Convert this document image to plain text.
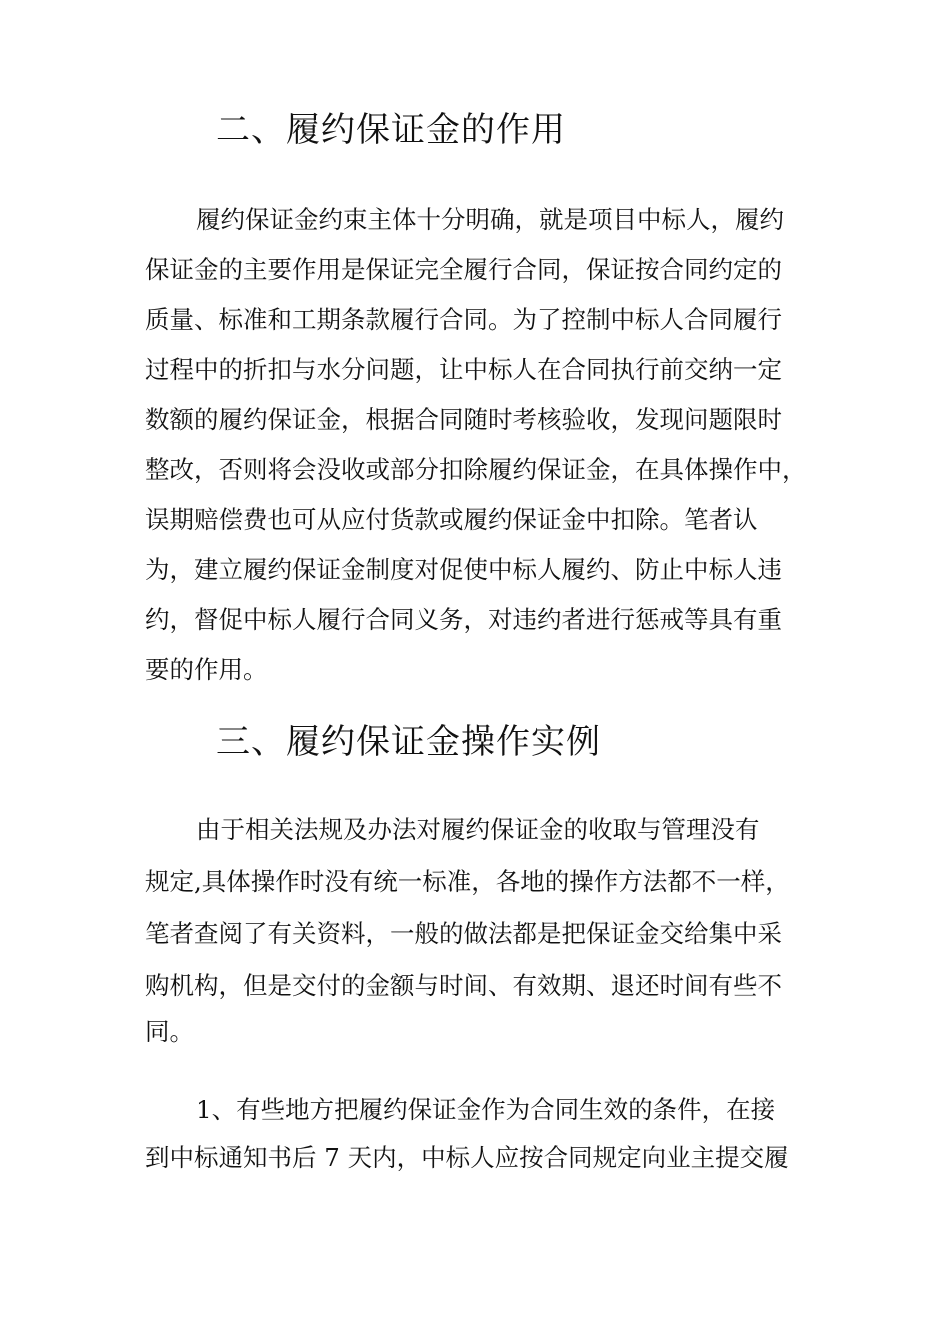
二、履约保证金的作用

履约保证金约束主体十分明确，就是项目中标人，履约

保证金的主要作用是保证完全履行合同，保证按合同约定的

质量、标准和工期条款履行合同。为了控制中标人合同履行

过程中的折扣与水分问题，让中标人在合同执行前交纳一定

数额的履约保证金，根据合同随时考核验收，发现问题限时

整改，否则将会没收或部分扣除履约保证金，在具体操作中，

误期赔偿费也可从应付货款或履约保证金中扣除。笔者认

为，建立履约保证金制度对促使中标人履约、防止中标人违

约，督促中标人履行合同义务，对违约者进行惩戒等具有重

要的作用。

三、履约保证金操作实例

由于相关法规及办法对履约保证金的收取与管理没有

规定,具体操作时没有统一标准，各地的操作方法都不一样，

笔者查阅了有关资料，一般的做法都是把保证金交给集中采

购机构，但是交付的金额与时间、有效期、退还时间有些不

同。

1、有些地方把履约保证金作为合同生效的条件，在接

到中标通知书后 7 天内，中标人应按合同规定向业主提交履
